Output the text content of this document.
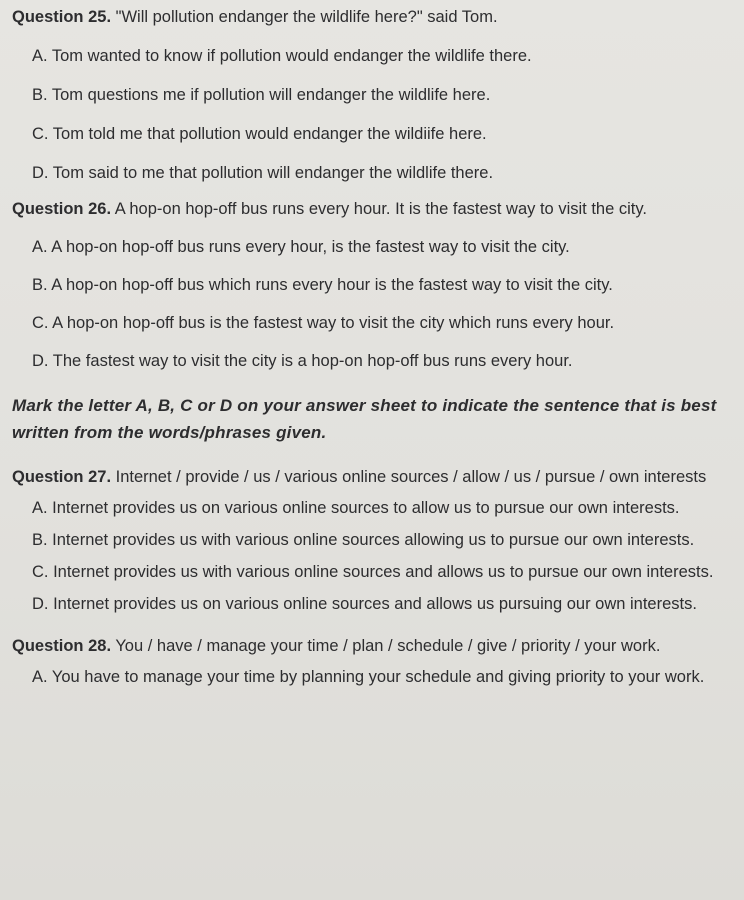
Question 25. "Will pollution endanger the wildlife here?" said Tom.

A. Tom wanted to know if pollution would endanger the wildlife there.

B. Tom questions me if pollution will endanger the wildlife here.

C. Tom told me that pollution would endanger the wildiife here.

D. Tom said to me that pollution will endanger the wildlife there.

Question 26. A hop-on hop-off bus runs every hour. It is the fastest way to visit the city.

A. A hop-on hop-off bus runs every hour, is the fastest way to visit the city.

B. A hop-on hop-off bus which runs every hour is the fastest way to visit the city.

C. A hop-on hop-off bus is the fastest way to visit the city which runs every hour.

D. The fastest way to visit the city is a hop-on hop-off bus runs every hour.

Mark the letter A, B, C or D on your answer sheet to indicate the sentence that is best written from the words/phrases given.

Question 27. Internet / provide / us / various online sources / allow / us / pursue / own interests

A. Internet provides us on various online sources to allow us to pursue our own interests.

B. Internet provides us with various online sources allowing us to pursue our own interests.

C. Internet provides us with various online sources and allows us to pursue our own interests.

D. Internet provides us on various online sources and allows us pursuing our own interests.

Question 28. You / have / manage your time / plan / schedule / give / priority / your work.

A. You have to manage your time by planning your schedule and giving priority to your work.
